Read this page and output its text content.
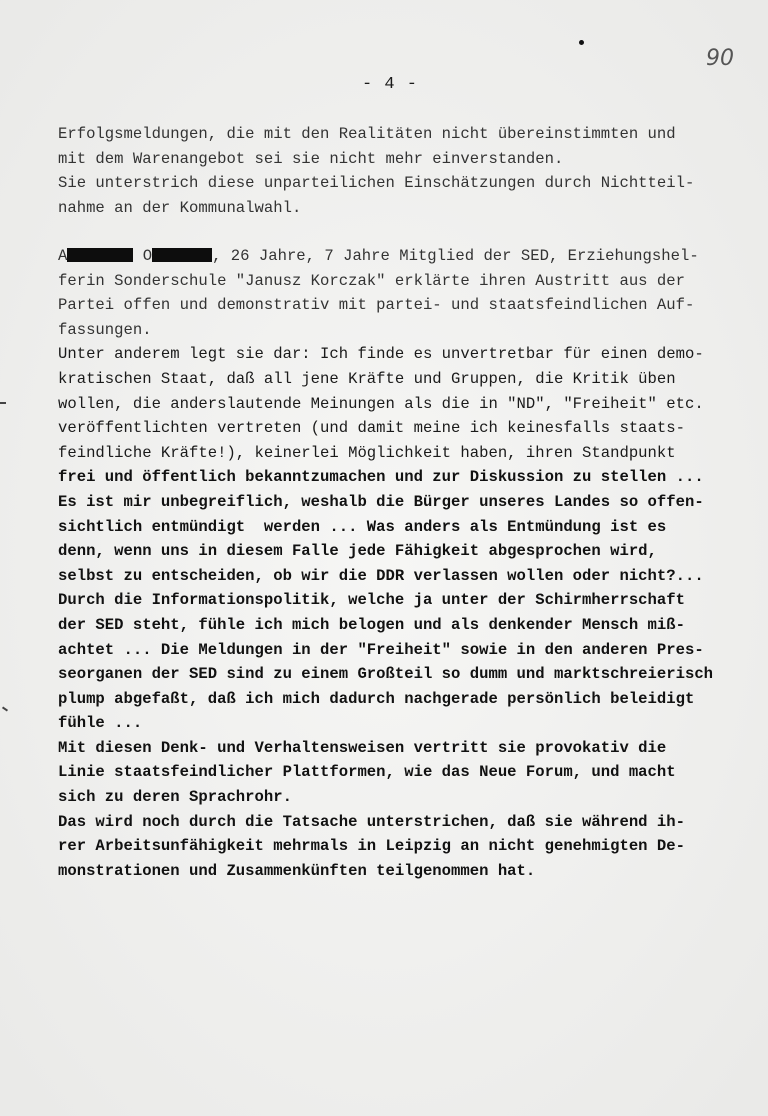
90
- 4 -
Erfolgsmeldungen, die mit den Realitäten nicht übereinstimmten und
mit dem Warenangebot sei sie nicht mehr einverstanden.
Sie unterstrich diese unparteilichen Einschätzungen durch Nichtteil-
nahme an der Kommunalwahl.
A	O	, 26 Jahre, 7 Jahre Mitglied der SED, Erziehungshel-
ferin Sonderschule "Janusz Korczak" erklärte ihren Austritt aus der
Partei offen und demonstrativ mit partei- und staatsfeindlichen Auf-
fassungen.
Unter anderem legt sie dar: Ich finde es unvertretbar für einen demo-
kratischen Staat, daß all jene Kräfte und Gruppen, die Kritik üben
wollen, die anderslautende Meinungen als die in "ND", "Freiheit" etc.
veröffentlichten vertreten (und damit meine ich keinesfalls staats-
feindliche Kräfte!), keinerlei Möglichkeit haben, ihren Standpunkt
frei und öffentlich bekanntzumachen und zur Diskussion zu stellen ...
Es ist mir unbegreiflich, weshalb die Bürger unseres Landes so offen-
sichtlich entmündigt  werden ... Was anders als Entmündung ist es
denn, wenn uns in diesem Falle jede Fähigkeit abgesprochen wird,
selbst zu entscheiden, ob wir die DDR verlassen wollen oder nicht?...
Durch die Informationspolitik, welche ja unter der Schirmherrschaft
der SED steht, fühle ich mich belogen und als denkender Mensch miß-
achtet ... Die Meldungen in der "Freiheit" sowie in den anderen Pres-
seorganen der SED sind zu einem Großteil so dumm und marktschreierisch
plump abgefaßt, daß ich mich dadurch nachgerade persönlich beleidigt
fühle ...
Mit diesen Denk- und Verhaltensweisen vertritt sie provokativ die
Linie staatsfeindlicher Plattformen, wie das Neue Forum, und macht
sich zu deren Sprachrohr.
Das wird noch durch die Tatsache unterstrichen, daß sie während ih-
rer Arbeitsunfähigkeit mehrmals in Leipzig an nicht genehmigten De-
monstrationen und Zusammenkünften teilgenommen hat.
